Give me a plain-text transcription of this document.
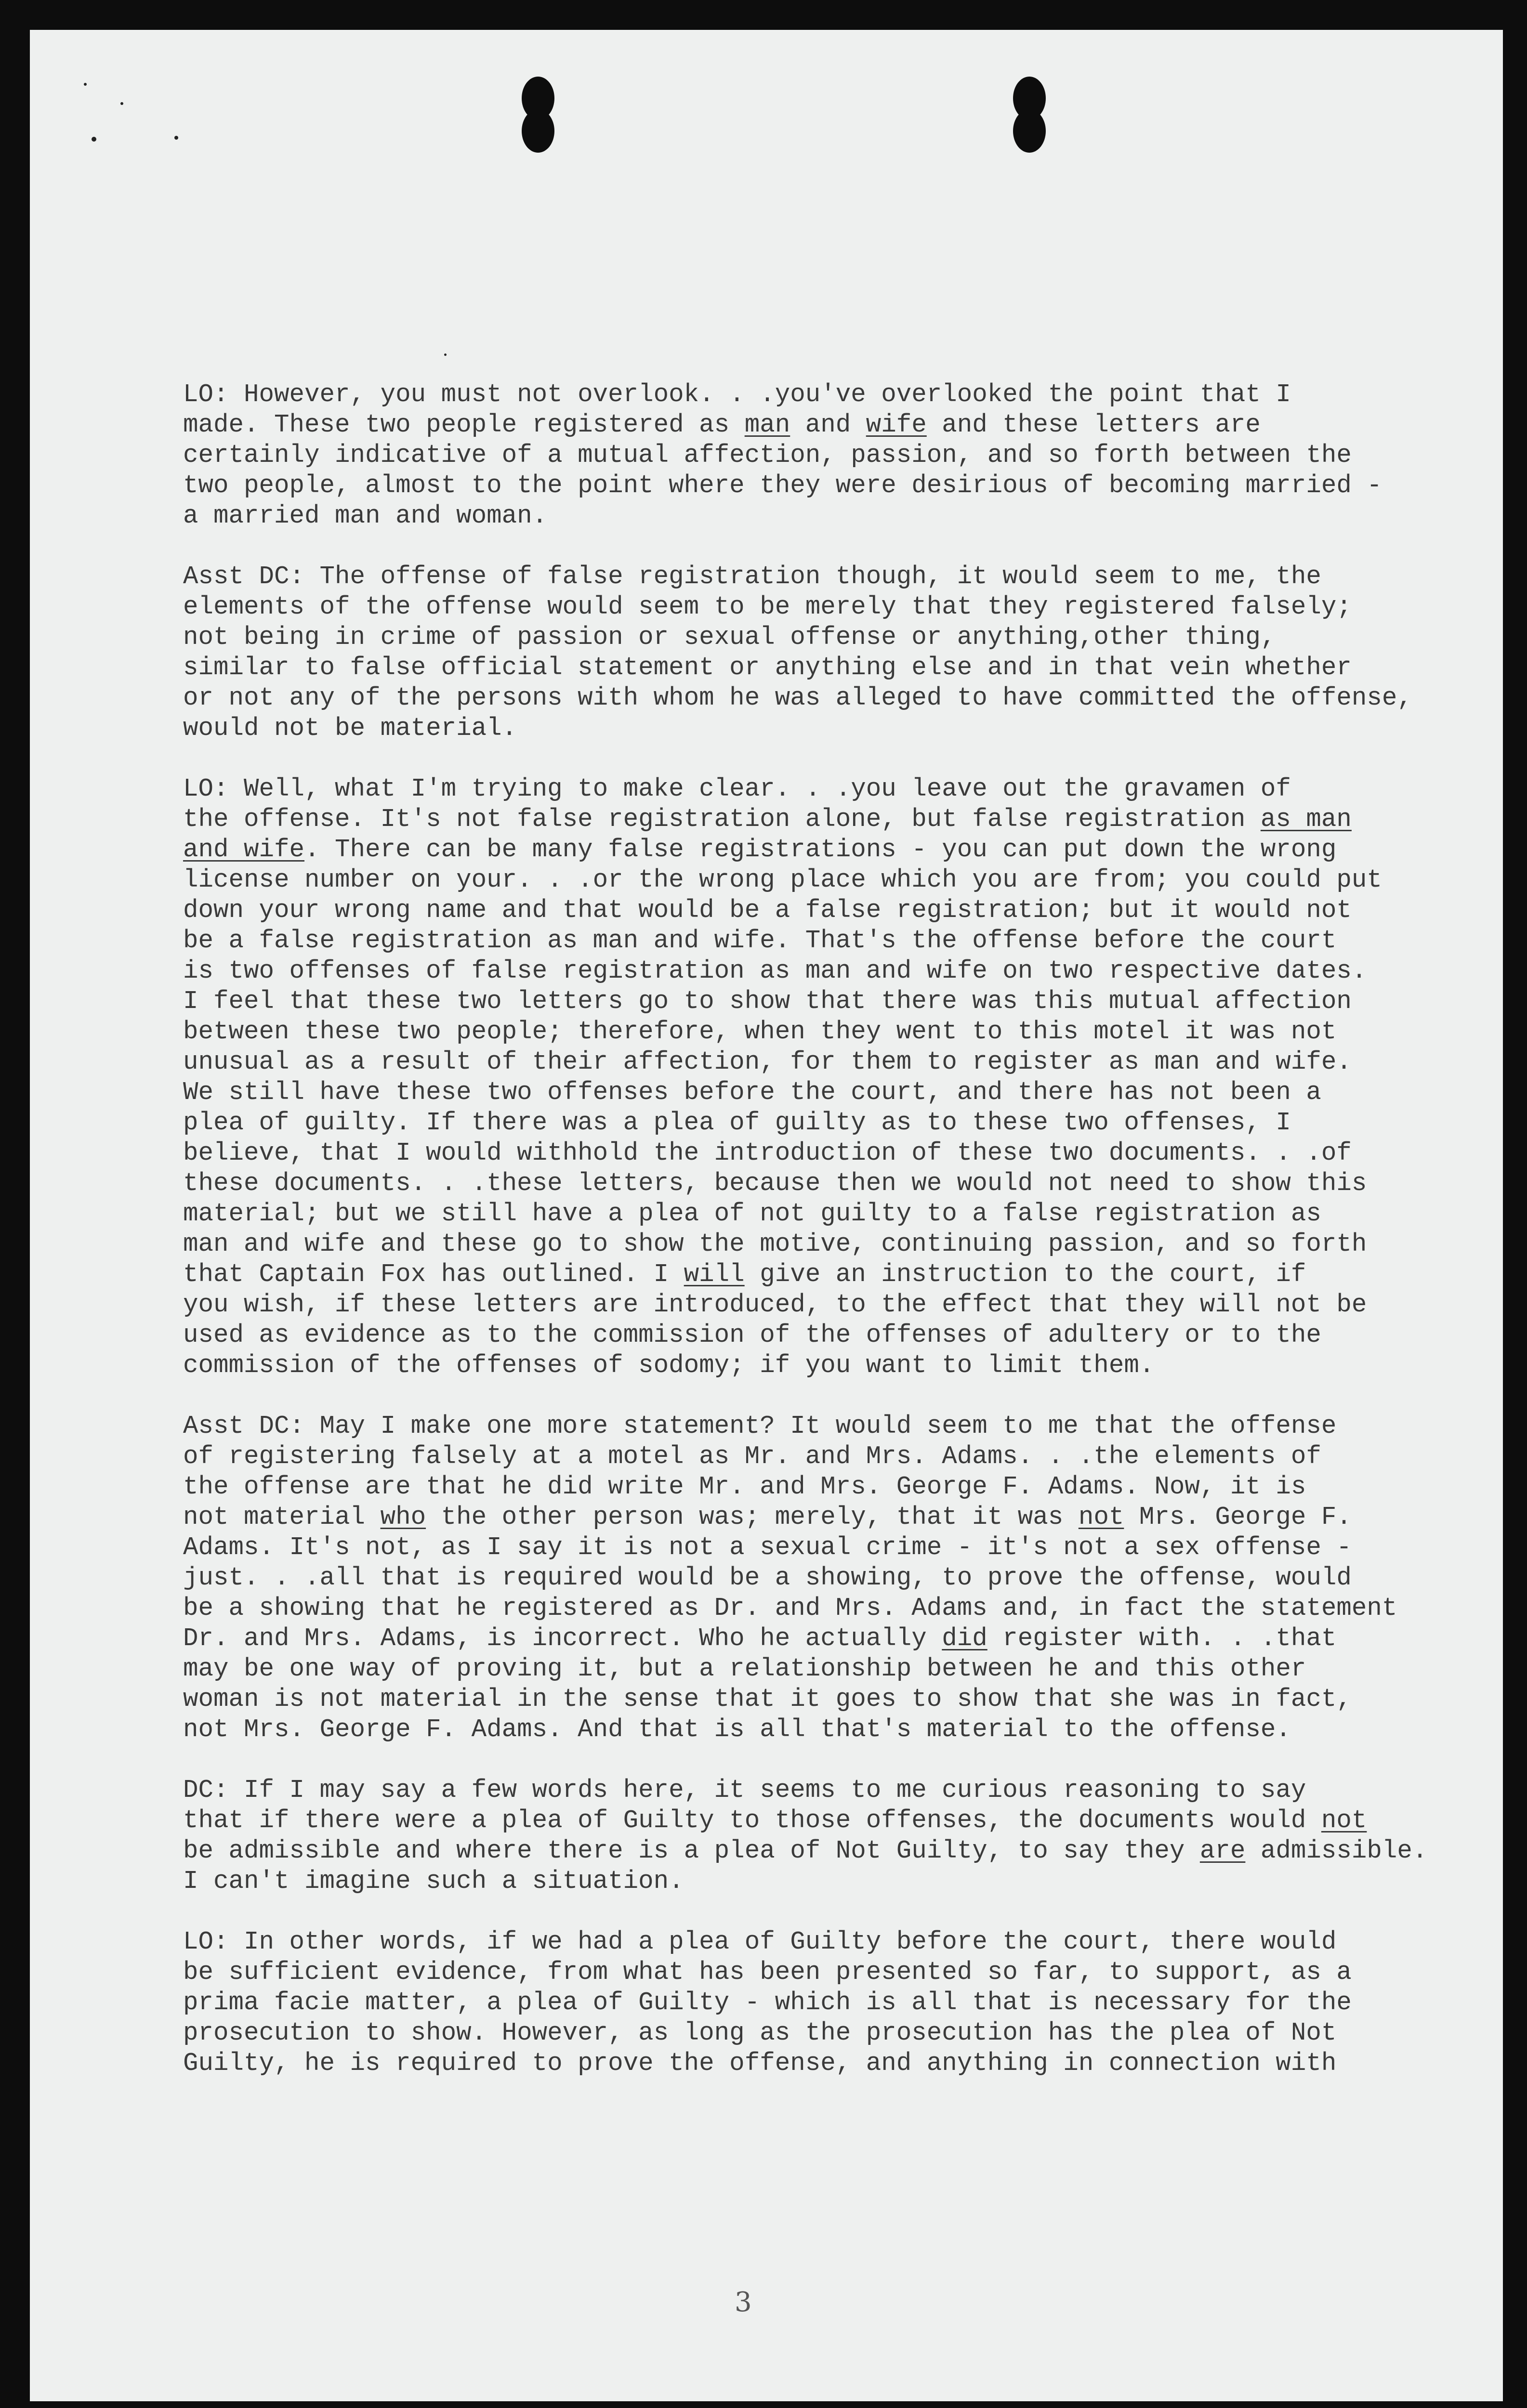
LO: However, you must not overlook. . .you've overlooked the point that I
made. These two people registered as man and wife and these letters are
certainly indicative of a mutual affection, passion, and so forth between the
two people, almost to the point where they were desirious of becoming married -
a married man and woman.
Asst DC: The offense of false registration though, it would seem to me, the
elements of the offense would seem to be merely that they registered falsely;
not being in crime of passion or sexual offense or anything,other thing,
similar to false official statement or anything else and in that vein whether
or not any of the persons with whom he was alleged to have committed the offense,
would not be material.
LO: Well, what I'm trying to make clear. . .you leave out the gravamen of
the offense. It's not false registration alone, but false registration as man
and wife. There can be many false registrations - you can put down the wrong
license number on your. . .or the wrong place which you are from; you could put
down your wrong name and that would be a false registration; but it would not
be a false registration as man and wife. That's the offense before the court
is two offenses of false registration as man and wife on two respective dates.
I feel that these two letters go to show that there was this mutual affection
between these two people; therefore, when they went to this motel it was not
unusual as a result of their affection, for them to register as man and wife.
We still have these two offenses before the court, and there has not been a
plea of guilty. If there was a plea of guilty as to these two offenses, I
believe, that I would withhold the introduction of these two documents. . .of
these documents. . .these letters, because then we would not need to show this
material; but we still have a plea of not guilty to a false registration as
man and wife and these go to show the motive, continuing passion, and so forth
that Captain Fox has outlined. I will give an instruction to the court, if
you wish, if these letters are introduced, to the effect that they will not be
used as evidence as to the commission of the offenses of adultery or to the
commission of the offenses of sodomy; if you want to limit them.
Asst DC: May I make one more statement? It would seem to me that the offense
of registering falsely at a motel as Mr. and Mrs. Adams. . .the elements of
the offense are that he did write Mr. and Mrs. George F. Adams. Now, it is
not material who the other person was; merely, that it was not Mrs. George F.
Adams. It's not, as I say it is not a sexual crime - it's not a sex offense -
just. . .all that is required would be a showing, to prove the offense, would
be a showing that he registered as Dr. and Mrs. Adams and, in fact the statement
Dr. and Mrs. Adams, is incorrect. Who he actually did register with. . .that
may be one way of proving it, but a relationship between he and this other
woman is not material in the sense that it goes to show that she was in fact,
not Mrs. George F. Adams. And that is all that's material to the offense.
DC: If I may say a few words here, it seems to me curious reasoning to say
that if there were a plea of Guilty to those offenses, the documents would not
be admissible and where there is a plea of Not Guilty, to say they are admissible.
I can't imagine such a situation.
LO: In other words, if we had a plea of Guilty before the court, there would
be sufficient evidence, from what has been presented so far, to support, as a
prima facie matter, a plea of Guilty - which is all that is necessary for the
prosecution to show. However, as long as the prosecution has the plea of Not
Guilty, he is required to prove the offense, and anything in connection with
3
